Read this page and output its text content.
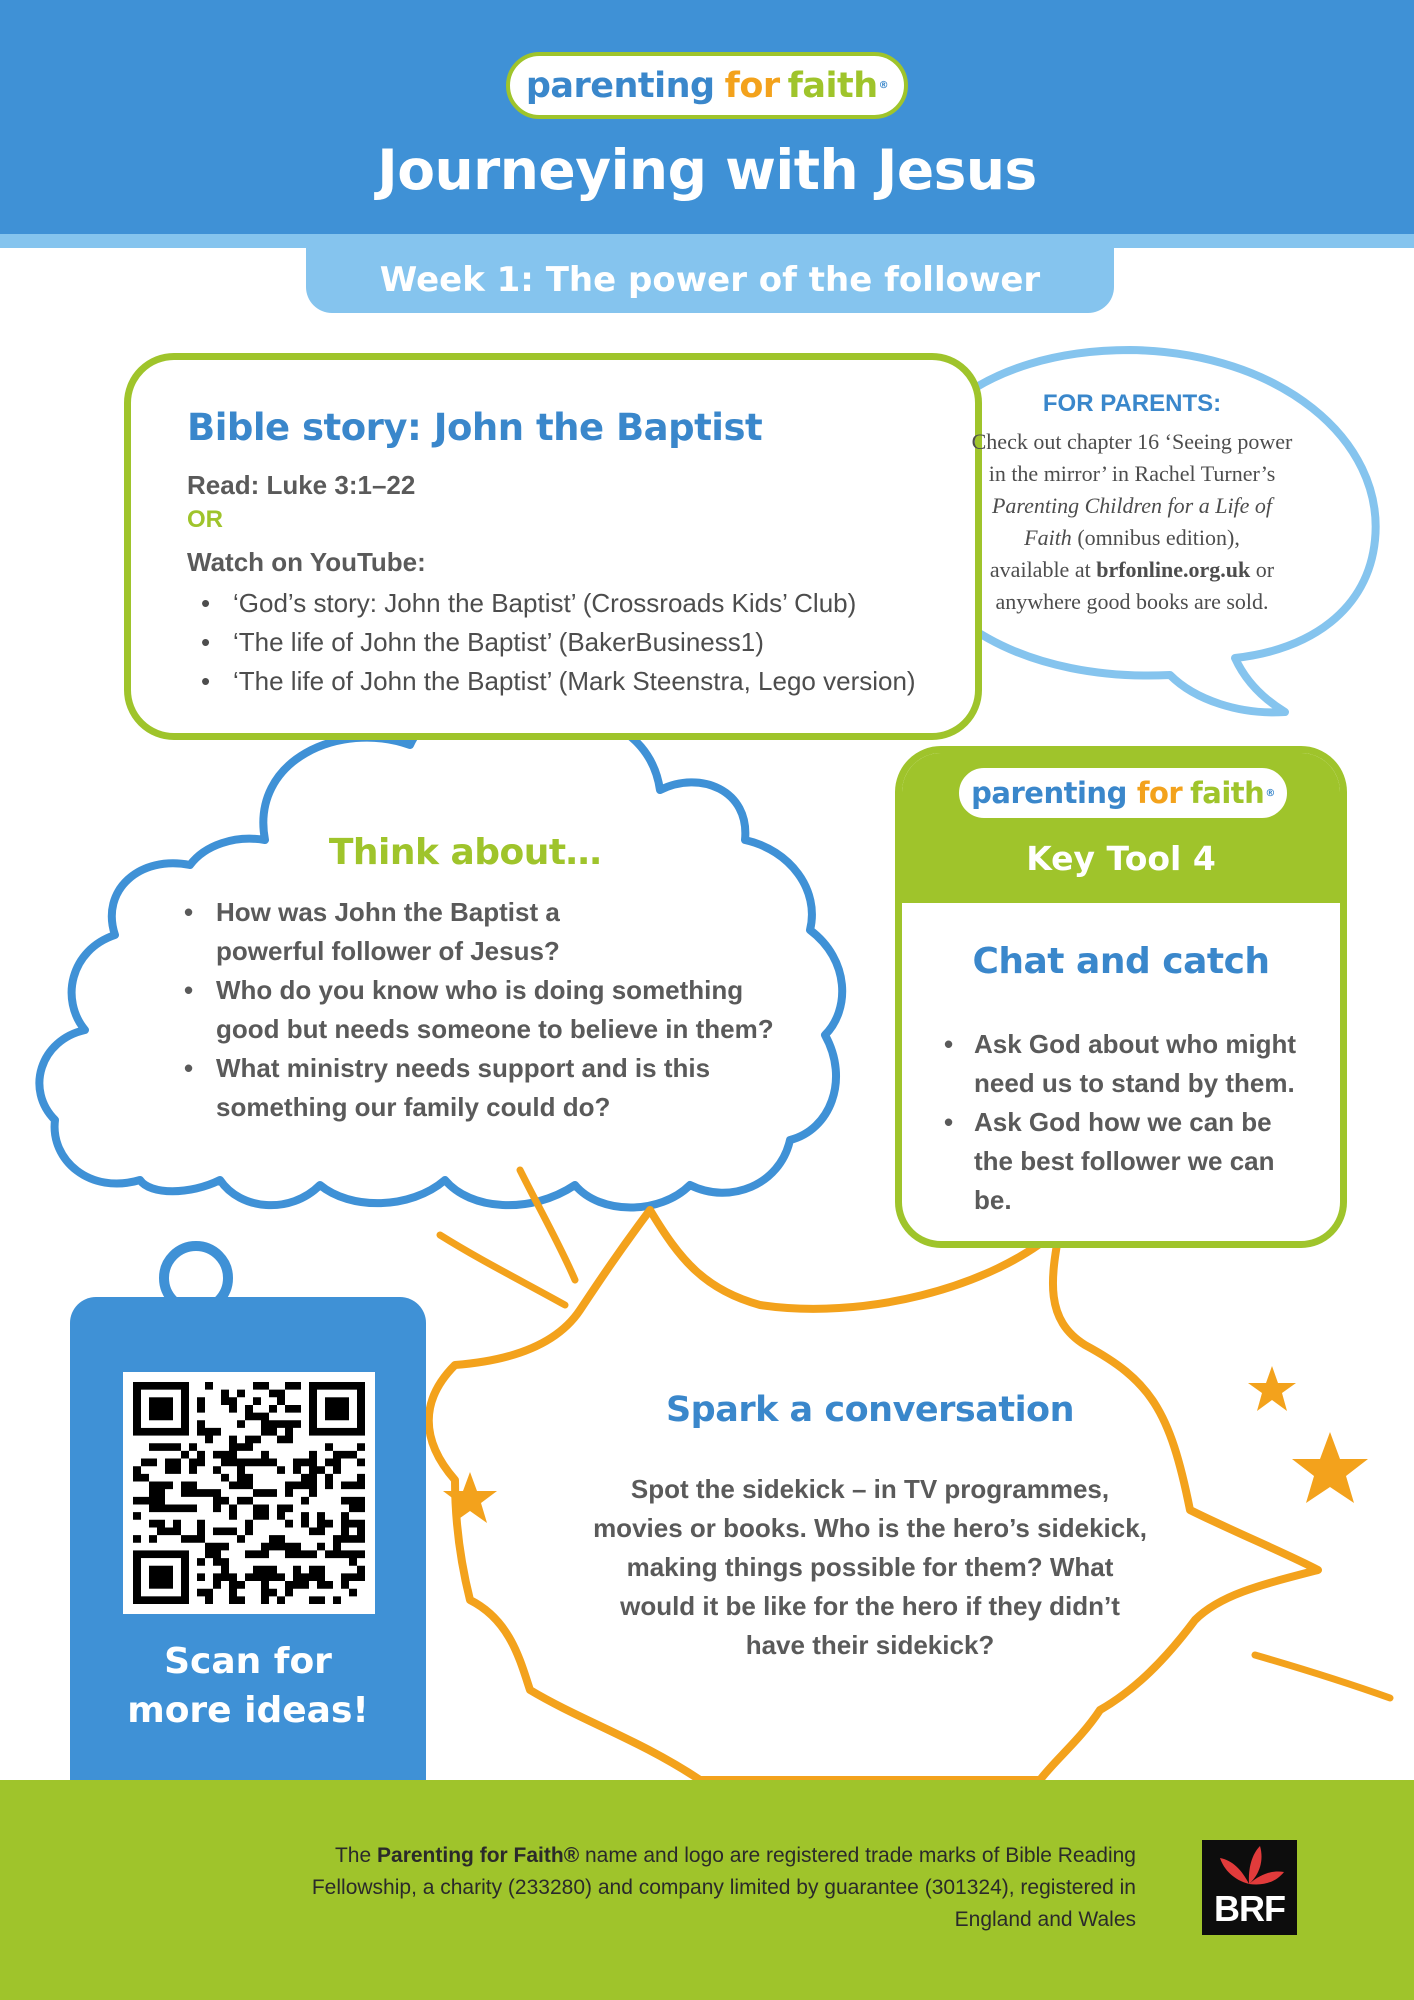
parenting for faith ®
Journeying with Jesus
Week 1: The power of the follower
Bible story: John the Baptist
Read: Luke 3:1–22
OR
Watch on YouTube:
• ‘God’s story: John the Baptist’ (Crossroads Kids’ Club)
• ‘The life of John the Baptist’ (BakerBusiness1)
• ‘The life of John the Baptist’ (Mark Steenstra, Lego version)
FOR PARENTS:
Check out chapter 16 ‘Seeing power
in the mirror’ in Rachel Turner’s
Parenting Children for a Life of
Faith (omnibus edition),
available at brfonline.org.uk or
anywhere good books are sold.
Think about…
• How was John the Baptist a powerful follower of Jesus?
• Who do you know who is doing something good but needs someone to believe in them?
• What ministry needs support and is this something our family could do?
parenting for faith ®
Key Tool 4
Chat and catch
• Ask God about who might need us to stand by them.
• Ask God how we can be the best follower we can be.
Scan for
more ideas!
Spark a conversation
Spot the sidekick – in TV programmes, movies or books. Who is the hero’s sidekick, making things possible for them? What would it be like for the hero if they didn’t have their sidekick?
The Parenting for Faith® name and logo are registered trade marks of Bible Reading Fellowship, a charity (233280) and company limited by guarantee (301324), registered in England and Wales	BRF
